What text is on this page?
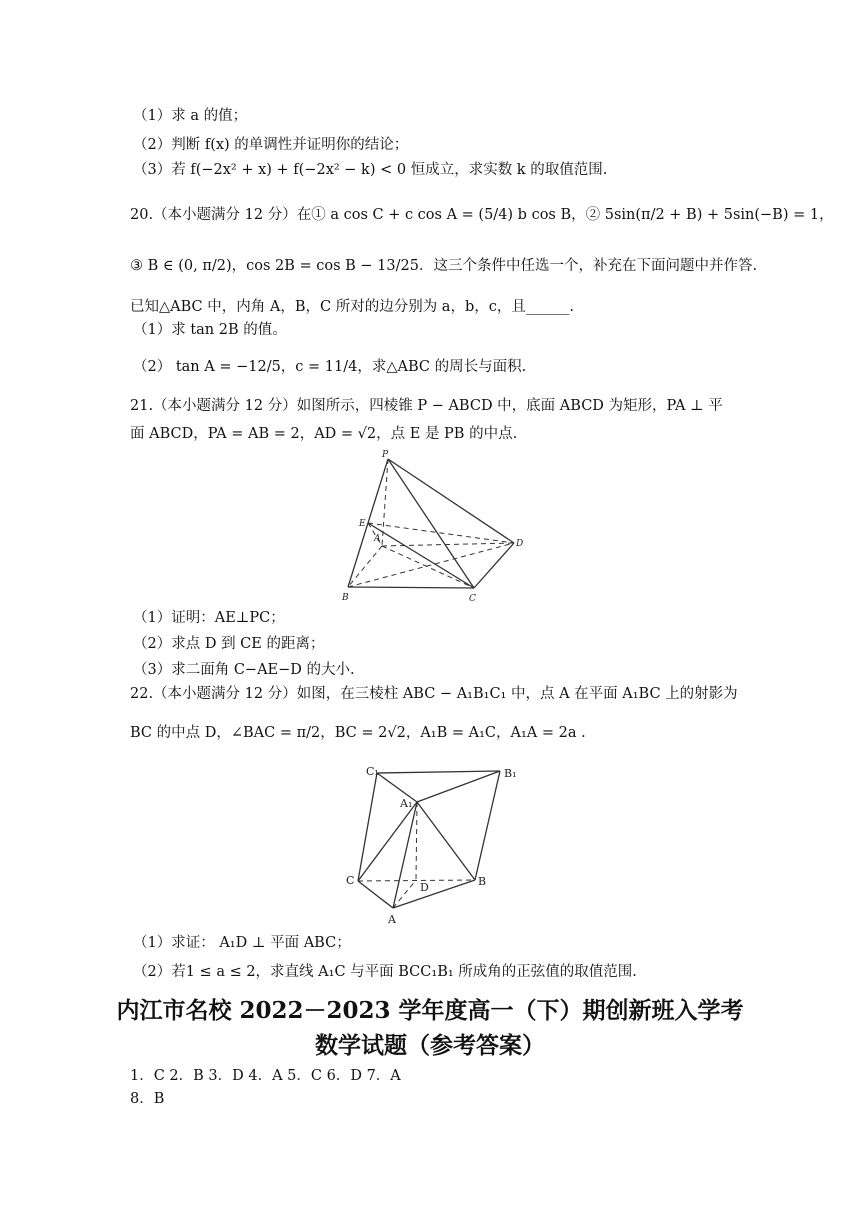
（1）求 a 的值；
（2）判断 f(x) 的单调性并证明你的结论；
（3）若 f(−2x² + x) + f(−2x² − k) < 0 恒成立，求实数 k 的取值范围.
20.（本小题满分 12 分）在① a cos C + c cos A = (5/4) b cos B，② 5sin(π/2 + B) + 5sin(−B) = 1，
③ B ∈ (0, π/2)，cos 2B = cos B − 13/25．这三个条件中任选一个，补充在下面问题中并作答.
已知△ABC 中，内角 A，B，C 所对的边分别为 a，b，c，且______.
（1）求 tan 2B 的值。
（2） tan A = −12/5，c = 11/4，求△ABC 的周长与面积.
21.（本小题满分 12 分）如图所示，四棱锥 P − ABCD 中，底面 ABCD 为矩形，PA ⊥ 平
面 ABCD，PA = AB = 2，AD = √2，点 E 是 PB 的中点.
P
E
A	D
B	C
（1）证明：AE⊥PC；
（2）求点 D 到 CE 的距离；
（3）求二面角 C−AE−D 的大小.
22.（本小题满分 12 分）如图，在三棱柱 ABC − A₁B₁C₁ 中，点 A 在平面 A₁BC 上的射影为
BC 的中点 D，∠BAC = π/2，BC = 2√2，A₁B = A₁C，A₁A = 2a .
C₁	B₁
A₁
C
D	B
A
（1）求证： A₁D ⊥ 平面 ABC；
（2）若1 ≤ a ≤ 2，求直线 A₁C 与平面 BCC₁B₁ 所成角的正弦值的取值范围.
内江市名校 2022－2023 学年度高一（下）期创新班入学考
数学试题（参考答案）
1．C 2．B 3．D 4．A 5．C 6．D 7．A
8．B
